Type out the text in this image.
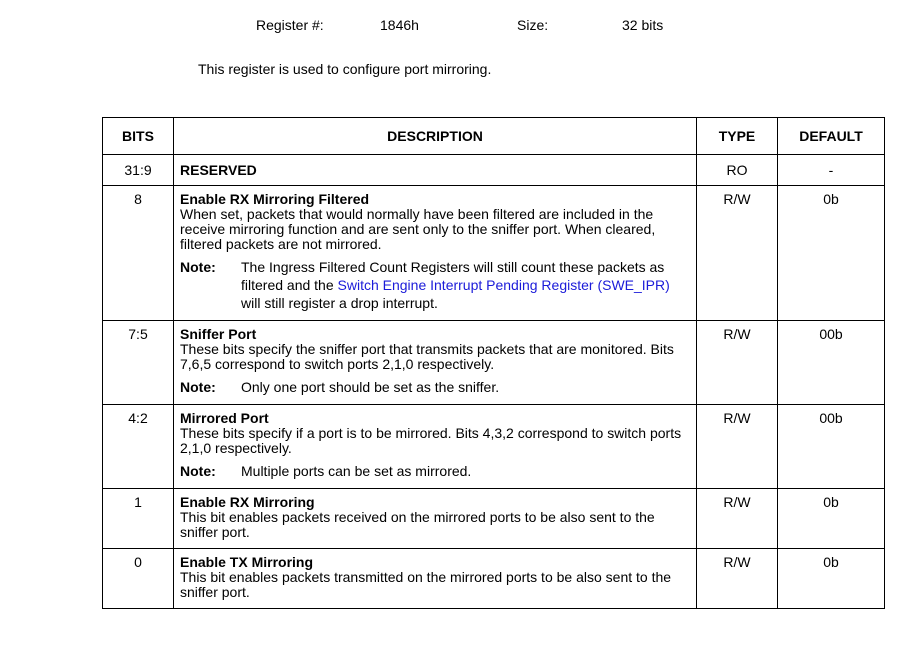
Register #:	1846h	Size:	32 bits
This register is used to configure port mirroring.
BITS	DESCRIPTION	TYPE	DEFAULT
31:9	RESERVED	RO	-
8	Enable RX Mirroring Filtered
When set, packets that would normally have been filtered are included in the receive mirroring function and are sent only to the sniffer port. When cleared, filtered packets are not mirrored.
Note: The Ingress Filtered Count Registers will still count these packets as filtered and the Switch Engine Interrupt Pending Register (SWE_IPR) will still register a drop interrupt.	R/W	0b
7:5	Sniffer Port
These bits specify the sniffer port that transmits packets that are monitored. Bits 7,6,5 correspond to switch ports 2,1,0 respectively.
Note: Only one port should be set as the sniffer.	R/W	00b
4:2	Mirrored Port
These bits specify if a port is to be mirrored. Bits 4,3,2 correspond to switch ports 2,1,0 respectively.
Note: Multiple ports can be set as mirrored.	R/W	00b
1	Enable RX Mirroring
This bit enables packets received on the mirrored ports to be also sent to the sniffer port.	R/W	0b
0	Enable TX Mirroring
This bit enables packets transmitted on the mirrored ports to be also sent to the sniffer port.	R/W	0b
